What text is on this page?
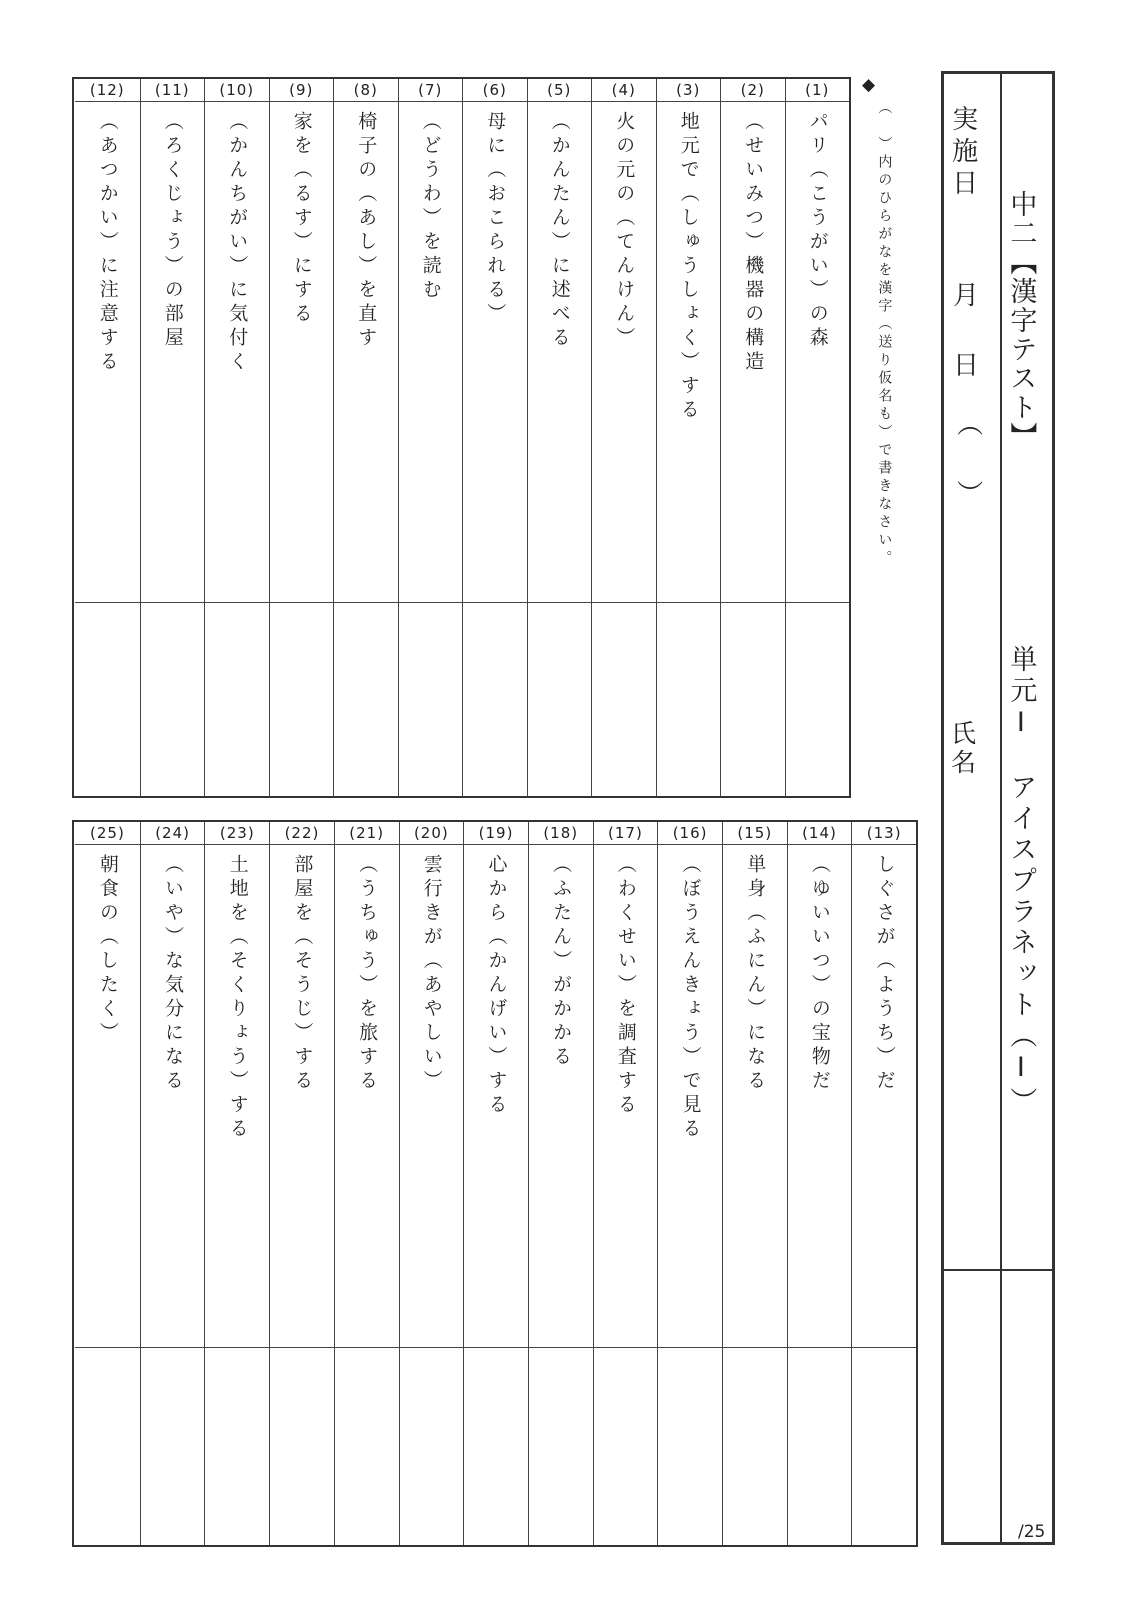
(1)
パリ（こうがい）の森
(2)
（せいみつ）機器の構造
(3)
地元で（しゅうしょく）する
(4)
火の元の（てんけん）
(5)
（かんたん）に述べる
(6)
母に（おこられる）
(7)
（どうわ）を読む
(8)
椅子の（あし）を直す
(9)
家を（るす）にする
(10)
（かんちがい）に気付く
(11)
（ろくじょう）の部屋
(12)
（あつかい）に注意する
◆
（　）内のひらがなを漢字（送り仮名も）で書きなさい。
(13)
しぐさが（ようち）だ
(14)
（ゆいいつ）の宝物だ
(15)
単身（ふにん）になる
(16)
（ぼうえんきょう）で見る
(17)
（わくせい）を調査する
(18)
（ふたん）がかかる
(19)
心から（かんげい）する
(20)
雲行きが（あやしい）
(21)
（うちゅう）を旅する
(22)
部屋を（そうじ）する
(23)
土地を（そくりょう）する
(24)
（いや）な気分になる
(25)
朝食の（したく）
実施日
月
日
（
）
氏名
中二【漢字テスト】
単元Ⅰ　アイスプラネット（Ⅰ）
/25
